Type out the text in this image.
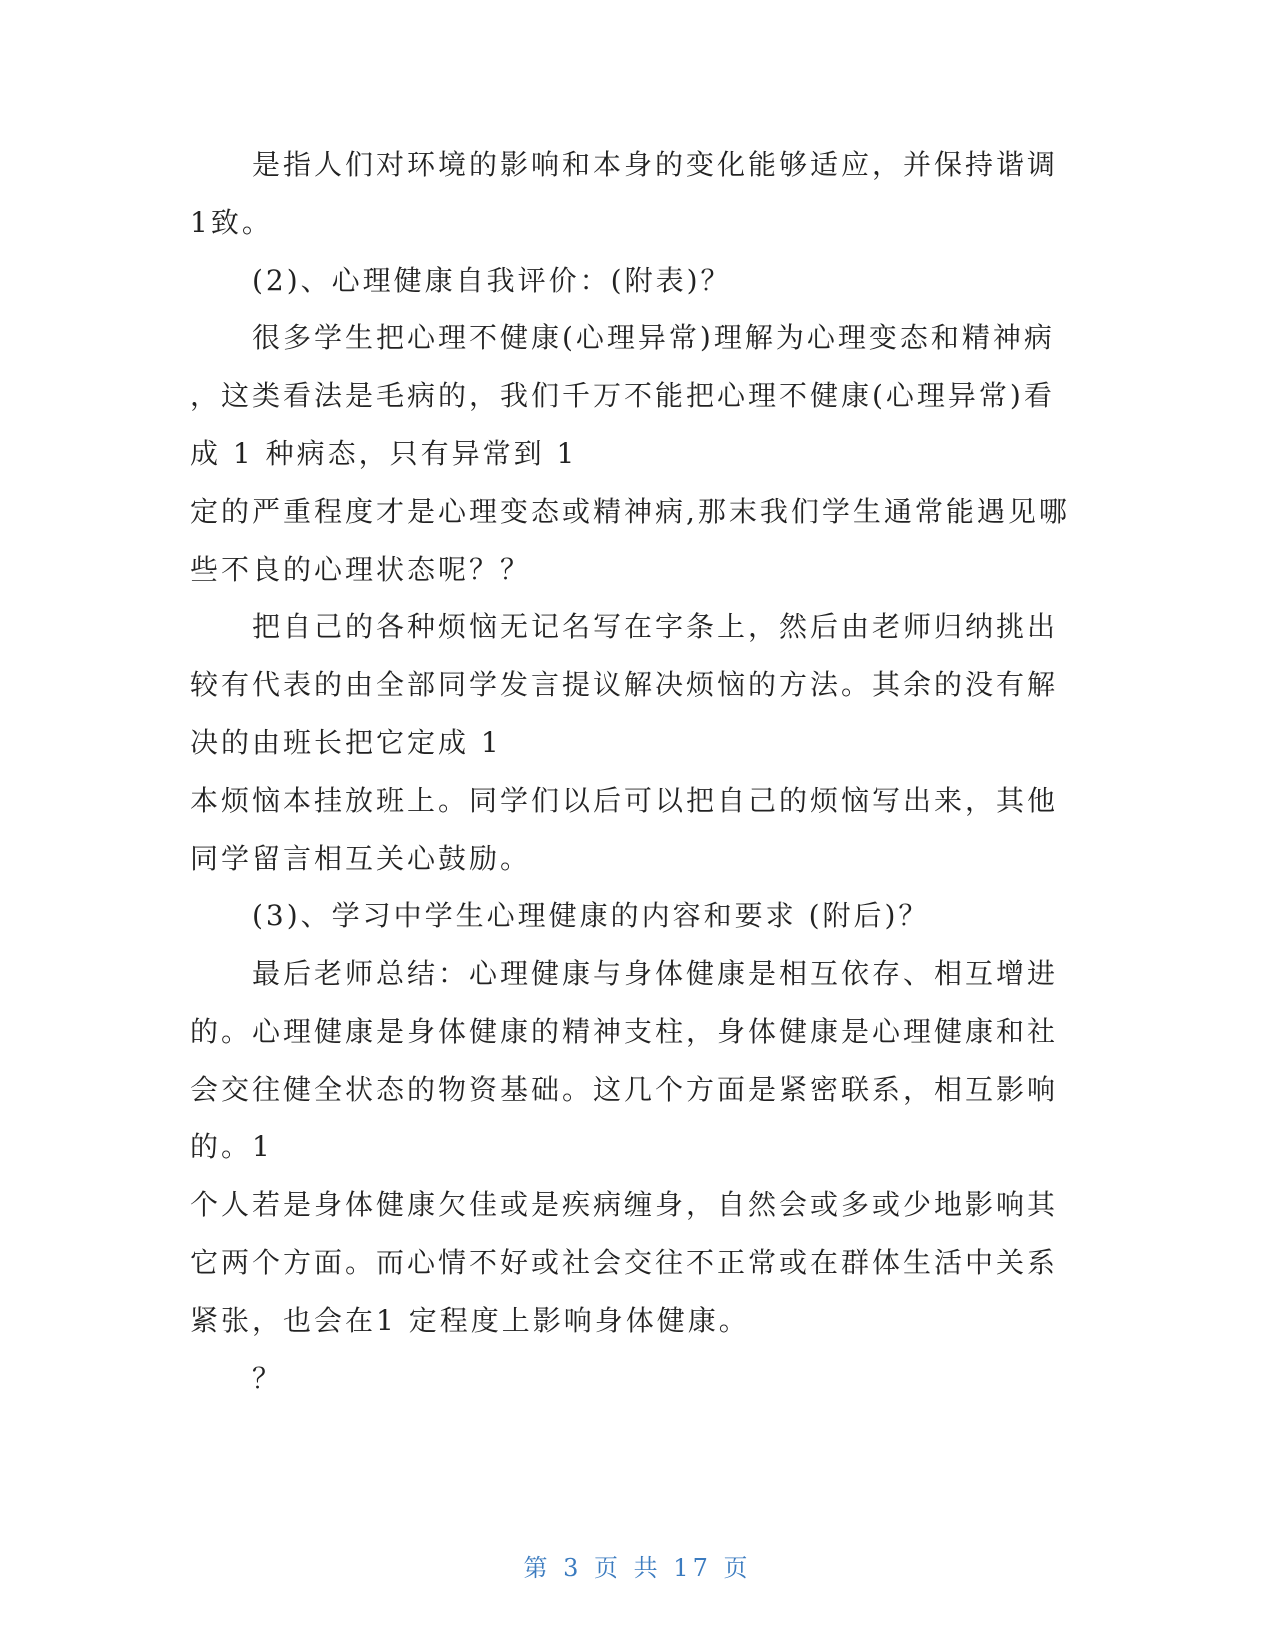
是指人们对环境的影响和本身的变化能够适应，并保持谐调
1致。
(2)、心理健康自我评价：(附表)？
很多学生把心理不健康(心理异常)理解为心理变态和精神病
，这类看法是毛病的，我们千万不能把心理不健康(心理异常)看
成 1 种病态，只有异常到 1
定的严重程度才是心理变态或精神病,那末我们学生通常能遇见哪
些不良的心理状态呢？？
把自己的各种烦恼无记名写在字条上，然后由老师归纳挑出
较有代表的由全部同学发言提议解决烦恼的方法。其余的没有解
决的由班长把它定成 1
本烦恼本挂放班上。同学们以后可以把自己的烦恼写出来，其他
同学留言相互关心鼓励。
(3)、学习中学生心理健康的内容和要求 (附后)？
最后老师总结：心理健康与身体健康是相互依存、相互增进
的。心理健康是身体健康的精神支柱，身体健康是心理健康和社
会交往健全状态的物资基础。这几个方面是紧密联系，相互影响
的。1
个人若是身体健康欠佳或是疾病缠身，自然会或多或少地影响其
它两个方面。而心情不好或社会交往不正常或在群体生活中关系
紧张，也会在1 定程度上影响身体健康。
？
第 3 页 共 17 页
